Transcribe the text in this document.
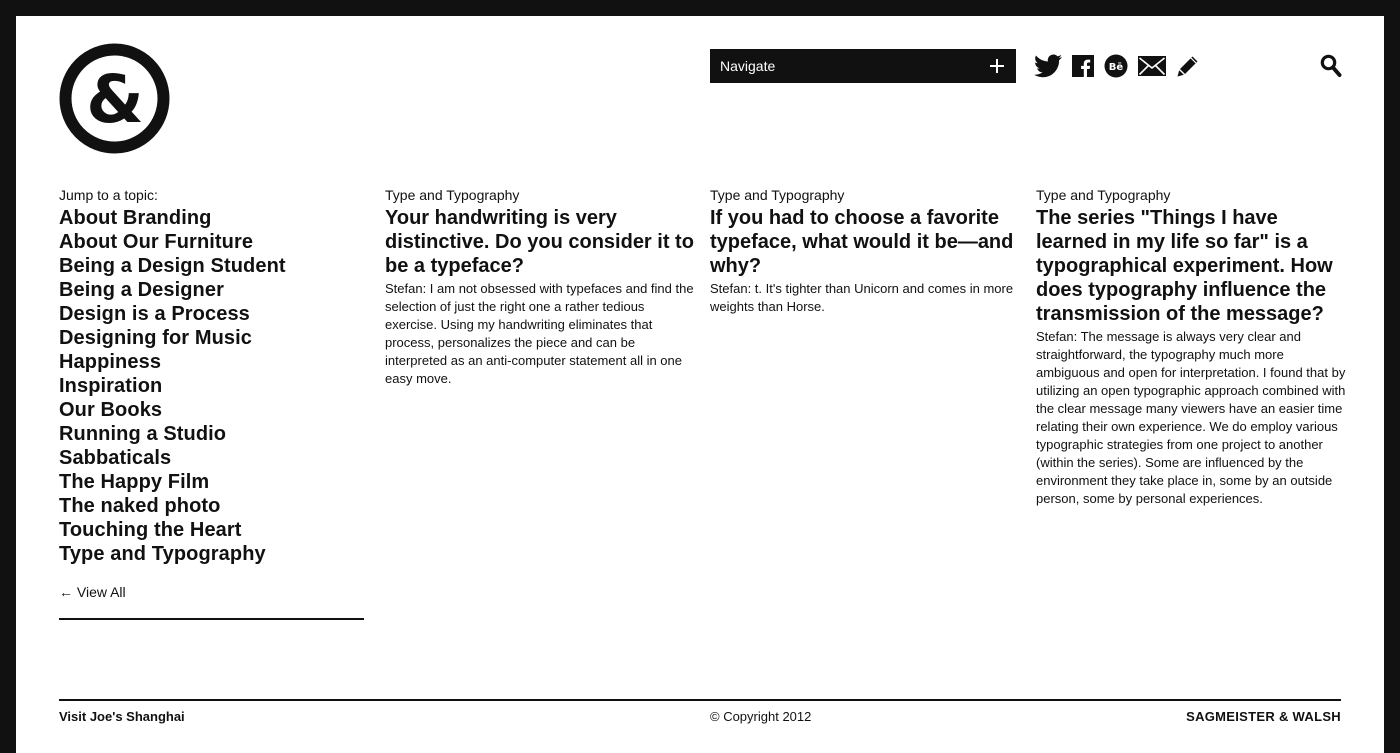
&	Navigate	Bē
Jump to a topic:
About Branding
About Our Furniture
Being a Design Student
Being a Designer
Design is a Process
Designing for Music
Happiness
Inspiration
Our Books
Running a Studio
Sabbaticals
The Happy Film
The naked photo
Touching the Heart
Type and Typography
← View All
Type and Typography
Your handwriting is very distinctive. Do you consider it to be a typeface?
Stefan: I am not obsessed with typefaces and find the selection of just the right one a rather tedious exercise. Using my handwriting eliminates that process, personalizes the piece and can be interpreted as an anti-computer statement all in one easy move.
Type and Typography
If you had to choose a favorite typeface, what would it be—and why?
Stefan: t. It's tighter than Unicorn and comes in more weights than Horse.
Type and Typography
The series "Things I have learned in my life so far" is a typographical experiment. How does typography influence the transmission of the message?
Stefan: The message is always very clear and straightforward, the typography much more ambiguous and open for interpretation. I found that by utilizing an open typographic approach combined with the clear message many viewers have an easier time relating their own experience. We do employ various typographic strategies from one project to another (within the series). Some are influenced by the environment they take place in, some by an outside person, some by personal experiences.
Visit Joe's Shanghai	© Copyright 2012	SAGMEISTER & WALSH
